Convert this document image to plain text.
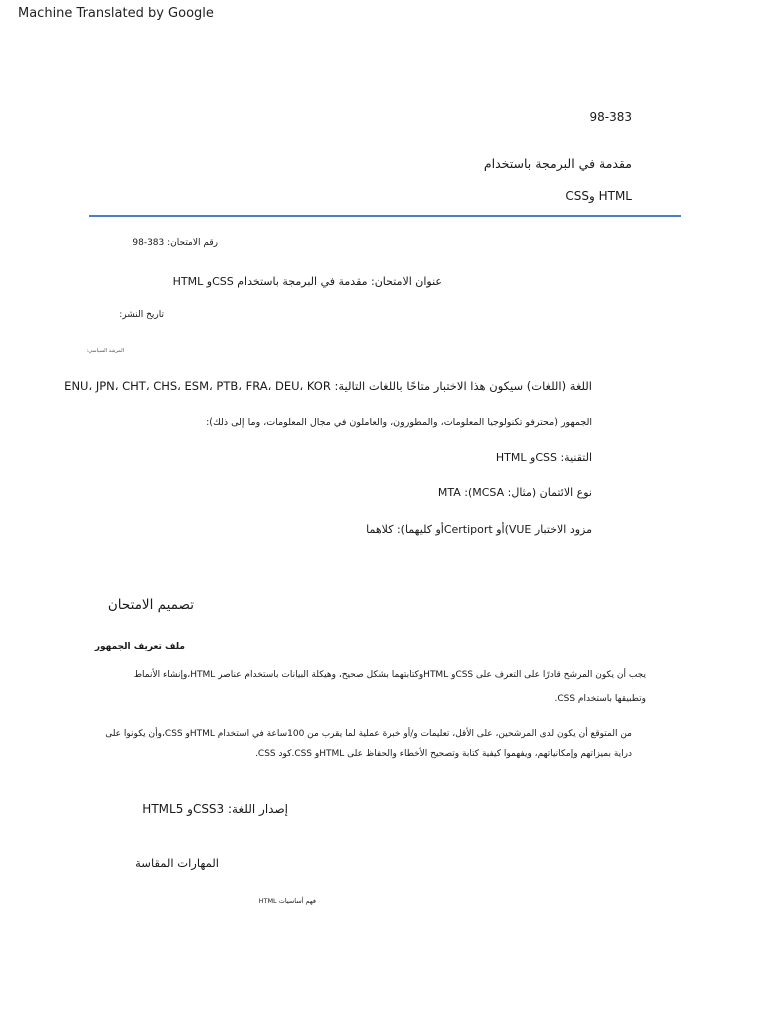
Machine Translated by Google
98-383
مقدمة في البرمجة باستخدام
HTML وCSS
رقم الامتحان: 383-98
عنوان الامتحان: مقدمة في البرمجة باستخدام CSSو HTML
تاريخ النشر:
المرشد السياسي:
اللغة (اللغات) سيكون هذا الاختبار متاحًا باللغات التالية: ENU، JPN، CHT، CHS، ESM، PTB، FRA، DEU، KOR
الجمهور (محترفو تكنولوجيا المعلومات، والمطورون، والعاملون في مجال المعلومات، وما إلى ذلك):
التقنية: CSSو HTML
نوع الائتمان (مثال: MCSA): MTA
مزود الاختبار VUE)أو Certiportأو كليهما): كلاهما
تصميم الامتحان
ملف تعريف الجمهور
يجب أن يكون المرشح قادرًا على التعرف على CSSو HTMLوكتابتهما بشكل صحيح، وهيكلة البيانات باستخدام عناصر HTML،وإنشاء الأنماط وتطبيقها باستخدام CSS.
من المتوقع أن يكون لدى المرشحين، على الأقل، تعليمات و/أو خبرة عملية لما يقرب من 100ساعة في استخدام HTMLو CSS،وأن يكونوا على دراية بميزاتهم وإمكانياتهم، ويفهموا كيفية كتابة وتصحيح الأخطاء والحفاظ على HTMLو CSS.كود CSS.
إصدار اللغة: CSS3و HTML5
المهارات المقاسة
فهم أساسيات HTML
